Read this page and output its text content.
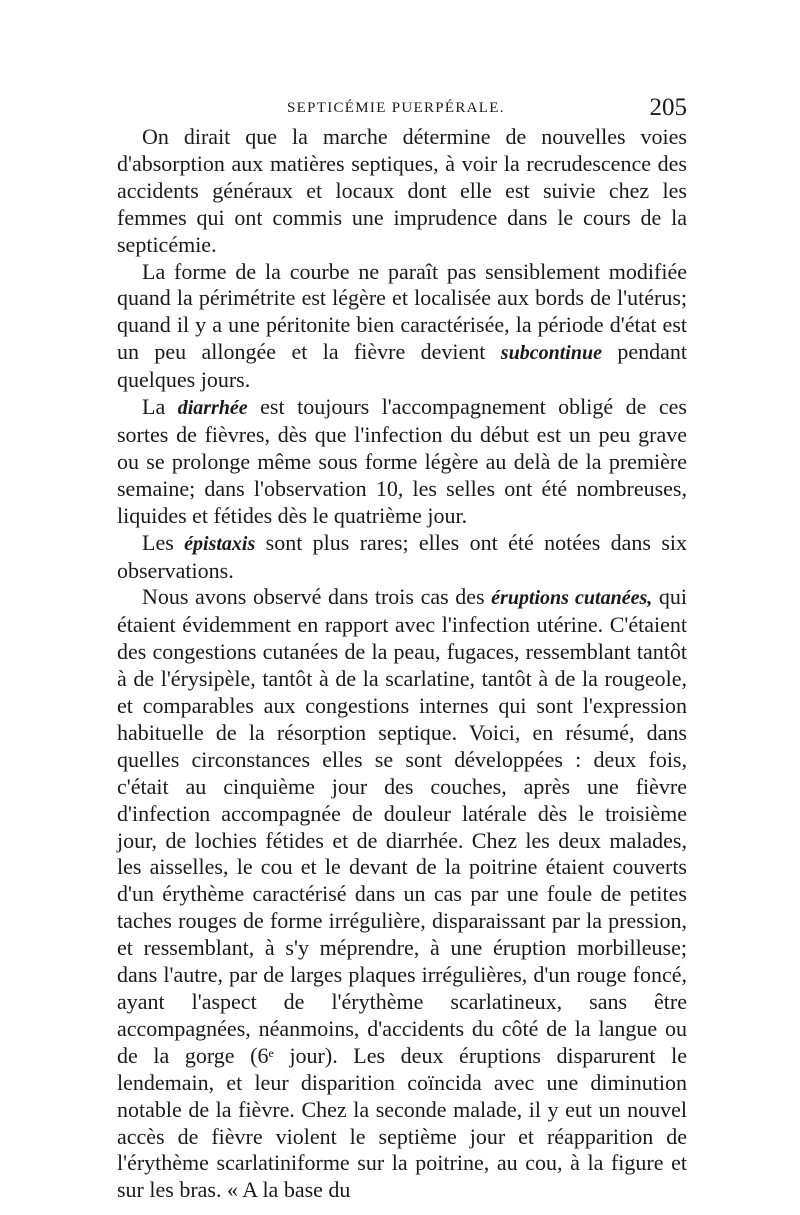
SEPTICÉMIE PUERPÉRALE.	205

On dirait que la marche détermine de nouvelles voies d'absorption aux matières septiques, à voir la recrudescence des accidents généraux et locaux dont elle est suivie chez les femmes qui ont commis une imprudence dans le cours de la septicémie.

La forme de la courbe ne paraît pas sensiblement modifiée quand la périmétrite est légère et localisée aux bords de l'utérus; quand il y a une péritonite bien caractérisée, la période d'état est un peu allongée et la fièvre devient subcontinue pendant quelques jours.

La diarrhée est toujours l'accompagnement obligé de ces sortes de fièvres, dès que l'infection du début est un peu grave ou se prolonge même sous forme légère au delà de la première semaine; dans l'observation 10, les selles ont été nombreuses, liquides et fétides dès le quatrième jour.

Les épistaxis sont plus rares; elles ont été notées dans six observations.

Nous avons observé dans trois cas des éruptions cutanées, qui étaient évidemment en rapport avec l'infection utérine. C'étaient des congestions cutanées de la peau, fugaces, ressemblant tantôt à de l'érysipèle, tantôt à de la scarlatine, tantôt à de la rougeole, et comparables aux congestions internes qui sont l'expression habituelle de la résorption septique. Voici, en résumé, dans quelles circonstances elles se sont développées : deux fois, c'était au cinquième jour des couches, après une fièvre d'infection accompagnée de douleur latérale dès le troisième jour, de lochies fétides et de diarrhée. Chez les deux malades, les aisselles, le cou et le devant de la poitrine étaient couverts d'un érythème caractérisé dans un cas par une foule de petites taches rouges de forme irrégulière, disparaissant par la pression, et ressemblant, à s'y méprendre, à une éruption morbilleuse; dans l'autre, par de larges plaques irrégulières, d'un rouge foncé, ayant l'aspect de l'érythème scarlatineux, sans être accompagnées, néanmoins, d'accidents du côté de la langue ou de la gorge (6e jour). Les deux éruptions disparurent le lendemain, et leur disparition coïncida avec une diminution notable de la fièvre. Chez la seconde malade, il y eut un nouvel accès de fièvre violent le septième jour et réapparition de l'érythème scarlatiniforme sur la poitrine, au cou, à la figure et sur les bras. « A la base du
